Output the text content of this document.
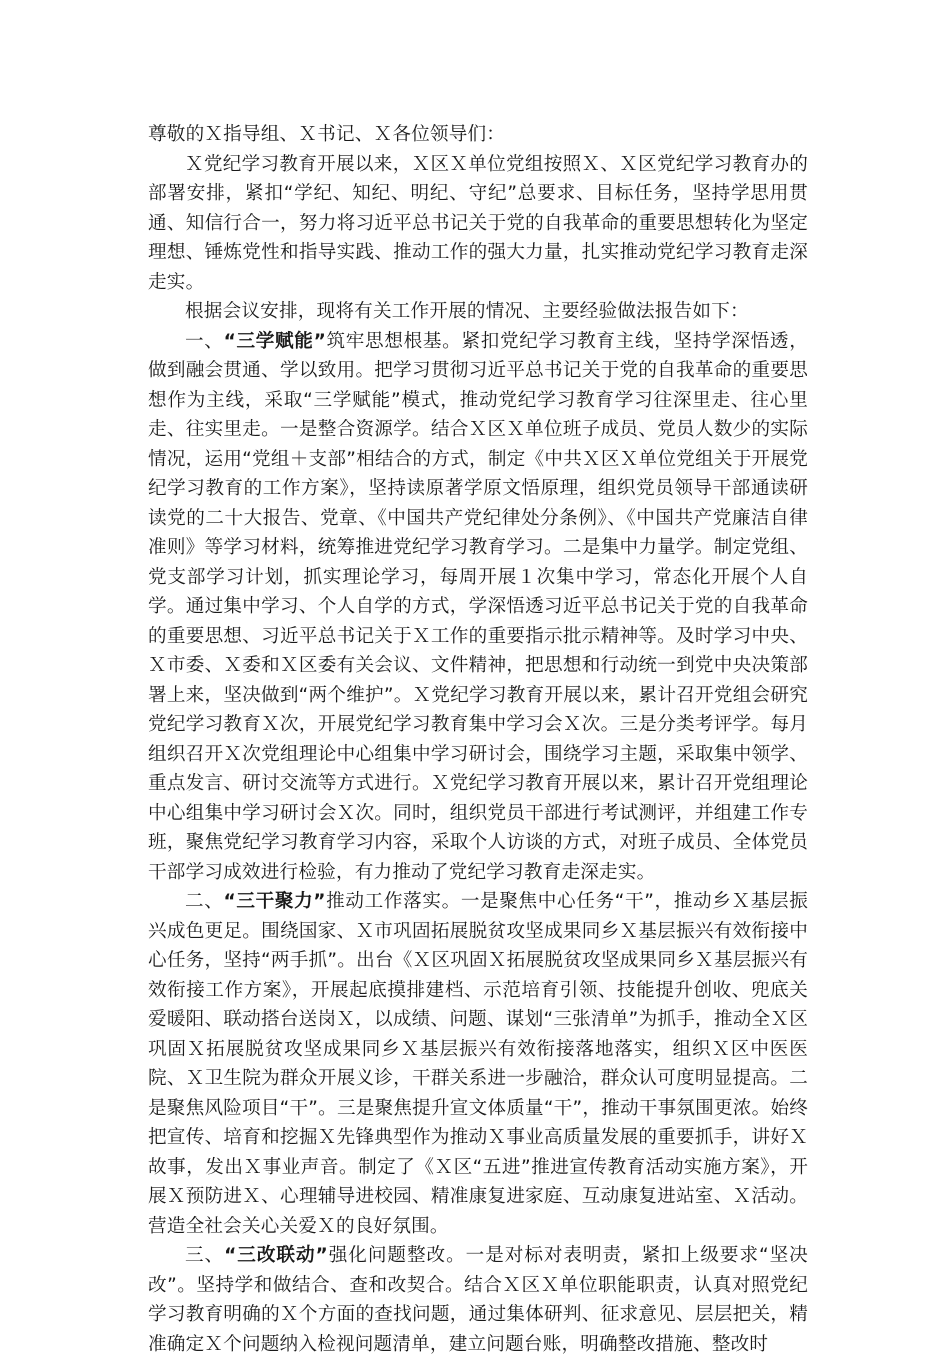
尊敬的Ｘ指导组、Ｘ书记、Ｘ各位领导们：

Ｘ党纪学习教育开展以来，Ｘ区Ｘ单位党组按照Ｘ、Ｘ区党纪学习教育办的部署安排，紧扣“学纪、知纪、明纪、守纪”总要求、目标任务，坚持学思用贯通、知信行合一，努力将习近平总书记关于党的自我革命的重要思想转化为坚定理想、锤炼党性和指导实践、推动工作的强大力量，扎实推动党纪学习教育走深走实。

根据会议安排，现将有关工作开展的情况、主要经验做法报告如下：

一、“三学赋能”筑牢思想根基。紧扣党纪学习教育主线，坚持学深悟透，做到融会贯通、学以致用。把学习贯彻习近平总书记关于党的自我革命的重要思想作为主线，采取“三学赋能”模式，推动党纪学习教育学习往深里走、往心里走、往实里走。一是整合资源学。结合Ｘ区Ｘ单位班子成员、党员人数少的实际情况，运用“党组＋支部”相结合的方式，制定《中共Ｘ区Ｘ单位党组关于开展党纪学习教育的工作方案》，坚持读原著学原文悟原理，组织党员领导干部通读研读党的二十大报告、党章、《中国共产党纪律处分条例》、《中国共产党廉洁自律准则》等学习材料，统筹推进党纪学习教育学习。二是集中力量学。制定党组、党支部学习计划，抓实理论学习，每周开展１次集中学习，常态化开展个人自学。通过集中学习、个人自学的方式，学深悟透习近平总书记关于党的自我革命的重要思想、习近平总书记关于Ｘ工作的重要指示批示精神等。及时学习中央、Ｘ市委、Ｘ委和Ｘ区委有关会议、文件精神，把思想和行动统一到党中央决策部署上来，坚决做到“两个维护”。Ｘ党纪学习教育开展以来，累计召开党组会研究党纪学习教育Ｘ次，开展党纪学习教育集中学习会Ｘ次。三是分类考评学。每月组织召开Ｘ次党组理论中心组集中学习研讨会，围绕学习主题，采取集中领学、重点发言、研讨交流等方式进行。Ｘ党纪学习教育开展以来，累计召开党组理论中心组集中学习研讨会Ｘ次。同时，组织党员干部进行考试测评，并组建工作专班，聚焦党纪学习教育学习内容，采取个人访谈的方式，对班子成员、全体党员干部学习成效进行检验，有力推动了党纪学习教育走深走实。

二、“三干聚力”推动工作落实。一是聚焦中心任务“干”，推动乡Ｘ基层振兴成色更足。围绕国家、Ｘ市巩固拓展脱贫攻坚成果同乡Ｘ基层振兴有效衔接中心任务，坚持“两手抓”。出台《Ｘ区巩固Ｘ拓展脱贫攻坚成果同乡Ｘ基层振兴有效衔接工作方案》，开展起底摸排建档、示范培育引领、技能提升创收、兜底关爱暖阳、联动搭台送岗Ｘ，以成绩、问题、谋划“三张清单”为抓手，推动全Ｘ区巩固Ｘ拓展脱贫攻坚成果同乡Ｘ基层振兴有效衔接落地落实，组织Ｘ区中医医院、Ｘ卫生院为群众开展义诊，干群关系进一步融洽，群众认可度明显提高。二是聚焦风险项目“干”。三是聚焦提升宣文体质量“干”，推动干事氛围更浓。始终把宣传、培育和挖掘Ｘ先锋典型作为推动Ｘ事业高质量发展的重要抓手，讲好Ｘ故事，发出Ｘ事业声音。制定了《Ｘ区“五进”推进宣传教育活动实施方案》，开展Ｘ预防进Ｘ、心理辅导进校园、精准康复进家庭、互动康复进站室、Ｘ活动。营造全社会关心关爱Ｘ的良好氛围。

三、“三改联动”强化问题整改。一是对标对表明责，紧扣上级要求“坚决改”。坚持学和做结合、查和改契合。结合Ｘ区Ｘ单位职能职责，认真对照党纪学习教育明确的Ｘ个方面的查找问题，通过集体研判、征求意见、层层把关，精准确定Ｘ个问题纳入检视问题清单，建立问题台账，明确整改措施、整改时
